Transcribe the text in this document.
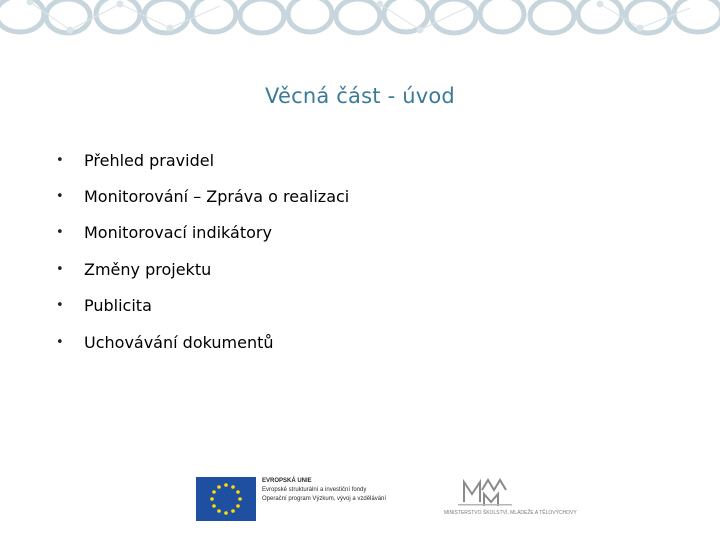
Věcná část - úvod
•	Přehled pravidel
•	Monitorování – Zpráva o realizaci
•	Monitorovací indikátory
•	Změny projektu
•	Publicita
•	Uchovávání dokumentů
EVROPSKÁ UNIE
Evropské strukturální a investiční fondy
Operační program Výzkum, vývoj a vzdělávání
MINISTERSTVO ŠKOLSTVÍ, MLÁDEŽE A TĚLOVÝCHOVY
